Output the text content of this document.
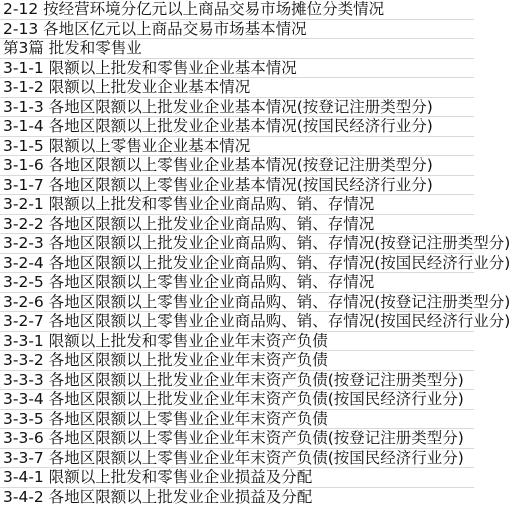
2-12 按经营环境分亿元以上商品交易市场摊位分类情况
2-13 各地区亿元以上商品交易市场基本情况
第3篇 批发和零售业
3-1-1 限额以上批发和零售业企业基本情况
3-1-2 限额以上批发业企业基本情况
3-1-3 各地区限额以上批发业企业基本情况(按登记注册类型分)
3-1-4 各地区限额以上批发业企业基本情况(按国民经济行业分)
3-1-5 限额以上零售业企业基本情况
3-1-6 各地区限额以上零售业企业基本情况(按登记注册类型分)
3-1-7 各地区限额以上零售业企业基本情况(按国民经济行业分)
3-2-1 限额以上批发和零售业企业商品购、销、存情况
3-2-2 各地区限额以上批发业企业商品购、销、存情况
3-2-3 各地区限额以上批发业企业商品购、销、存情况(按登记注册类型分)
3-2-4 各地区限额以上批发业企业商品购、销、存情况(按国民经济行业分)
3-2-5 各地区限额以上零售业企业商品购、销、存情况
3-2-6 各地区限额以上零售业企业商品购、销、存情况(按登记注册类型分)
3-2-7 各地区限额以上零售业企业商品购、销、存情况(按国民经济行业分)
3-3-1 限额以上批发和零售业企业年末资产负债
3-3-2 各地区限额以上批发业企业年末资产负债
3-3-3 各地区限额以上批发业企业年末资产负债(按登记注册类型分)
3-3-4 各地区限额以上批发业企业年末资产负债(按国民经济行业分)
3-3-5 各地区限额以上零售业企业年末资产负债
3-3-6 各地区限额以上零售业企业年末资产负债(按登记注册类型分)
3-3-7 各地区限额以上零售业企业年末资产负债(按国民经济行业分)
3-4-1 限额以上批发和零售业企业损益及分配
3-4-2 各地区限额以上批发业企业损益及分配
